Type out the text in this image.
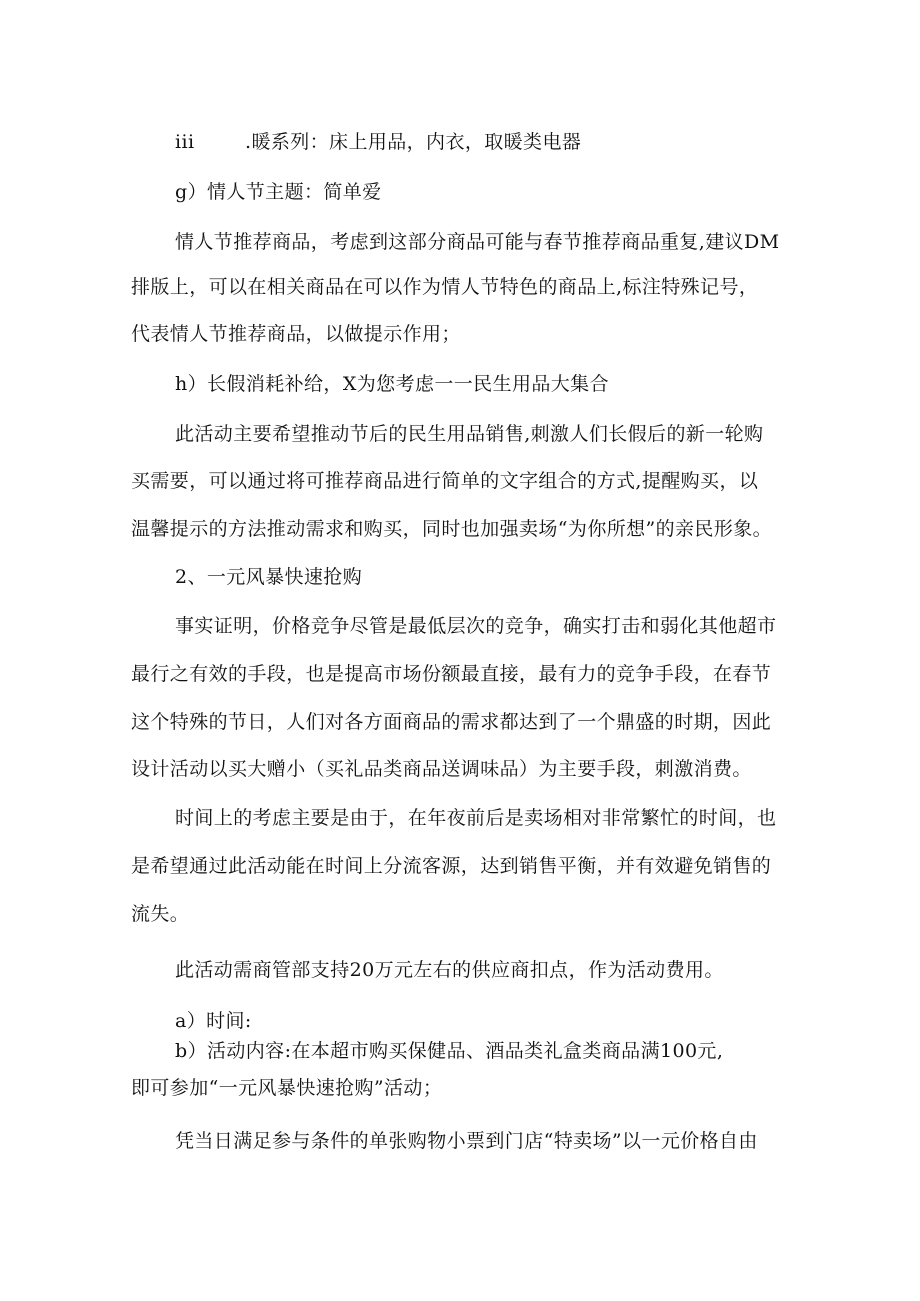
iii	.暖系列：床上用品，内衣，取暖类电器
g）情人节主题：简单爱
情人节推荐商品，考虑到这部分商品可能与春节推荐商品重复,建议DM
排版上，可以在相关商品在可以作为情人节特色的商品上,标注特殊记号，
代表情人节推荐商品，以做提示作用；
h）长假消耗补给，X为您考虑一一民生用品大集合
此活动主要希望推动节后的民生用品销售,刺激人们长假后的新一轮购
买需要，可以通过将可推荐商品进行简单的文字组合的方式,提醒购买，以
温馨提示的方法推动需求和购买，同时也加强卖场“为你所想”的亲民形象。
2、一元风暴快速抢购
事实证明，价格竞争尽管是最低层次的竞争，确实打击和弱化其他超市
最行之有效的手段，也是提高市场份额最直接，最有力的竞争手段，在春节
这个特殊的节日，人们对各方面商品的需求都达到了一个鼎盛的时期，因此
设计活动以买大赠小（买礼品类商品送调味品）为主要手段，刺激消费。
时间上的考虑主要是由于，在年夜前后是卖场相对非常繁忙的时间，也
是希望通过此活动能在时间上分流客源，达到销售平衡，并有效避免销售的
流失。
此活动需商管部支持20万元左右的供应商扣点，作为活动费用。
a）时间:
b）活动内容:在本超市购买保健品、酒品类礼盒类商品满100元,
即可参加“一元风暴快速抢购”活动；
凭当日满足参与条件的单张购物小票到门店“特卖场”以一元价格自由
